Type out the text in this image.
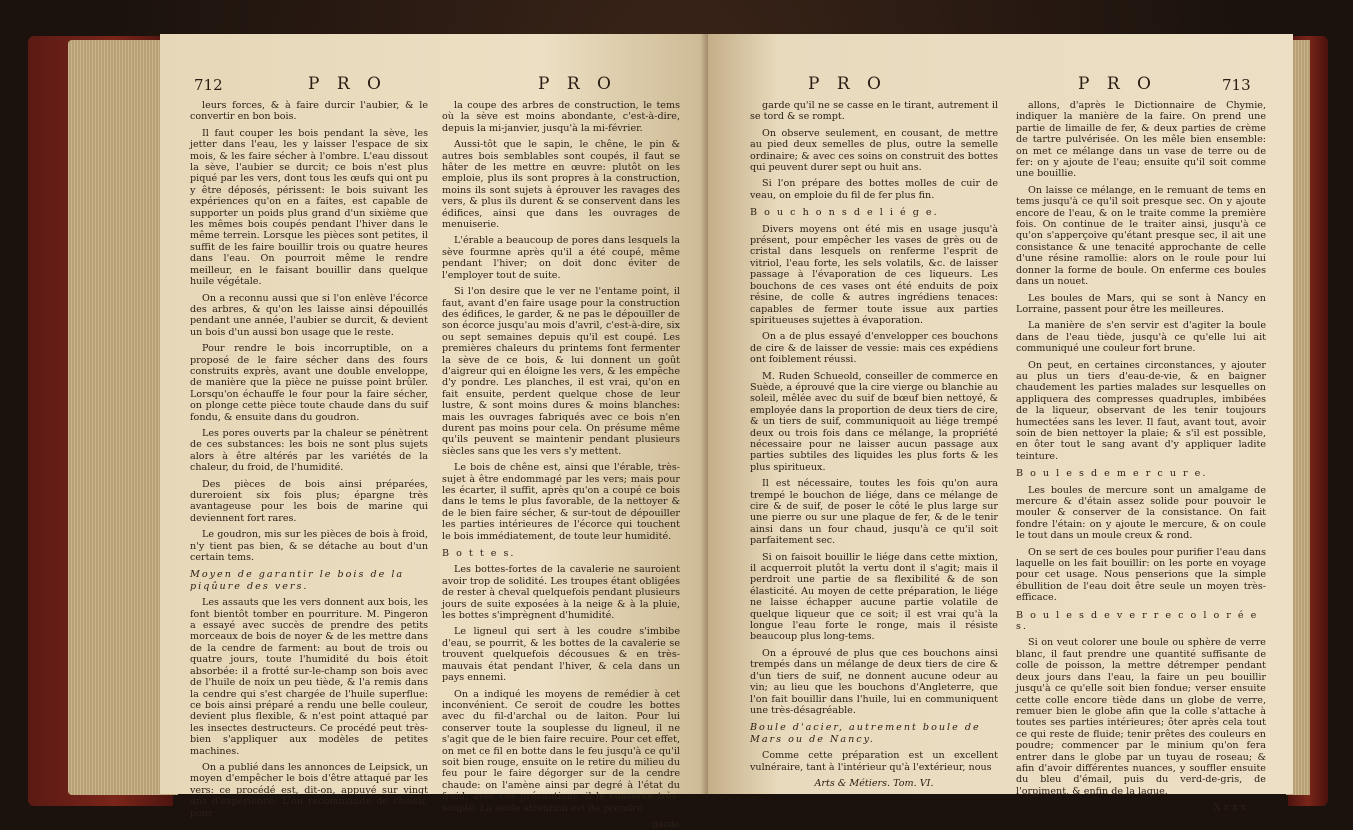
712	P R O	P R O

leurs forces, & à faire durcir l'aubier, & le convertir en bon bois.

Il faut couper les bois pendant la sève, les jetter dans l'eau, les y laisser l'espace de six mois, & les faire sécher à l'ombre. L'eau dissout la sève, l'aubier se durcit; ce bois n'est plus piqué par les vers, dont tous les œufs qui ont pu y être déposés, périssent: le bois suivant les expériences qu'on en a faites, est capable de supporter un poids plus grand d'un sixième que les mêmes bois coupés pendant l'hiver dans le même terrein. Lorsque les pièces sont petites, il suffit de les faire bouillir trois ou quatre heures dans l'eau. On pourroit même le rendre meilleur, en le faisant bouillir dans quelque huile végétale.

On a reconnu aussi que si l'on enlève l'écorce des arbres, & qu'on les laisse ainsi dépouillés pendant une année, l'aubier se durcit, & devient un bois d'un aussi bon usage que le reste.

Pour rendre le bois incorruptible, on a proposé de le faire sécher dans des fours construits exprès, avant une double enveloppe, de manière que la pièce ne puisse point brûler. Lorsqu'on échauffe le four pour la faire sécher, on plonge cette pièce toute chaude dans du suif fondu, & ensuite dans du goudron.

Les pores ouverts par la chaleur se pénètrent de ces substances: les bois ne sont plus sujets alors à être altérés par les variétés de la chaleur, du froid, de l'humidité.

Des pièces de bois ainsi préparées, dureroient six fois plus; épargne très avantageuse pour les bois de marine qui deviennent fort rares.

Le goudron, mis sur les pièces de bois à froid, n'y tient pas bien, & se détache au bout d'un certain tems.

Moyen de garantir le bois de la piqûure des vers.

Les assauts que les vers donnent aux bois, les font bientôt tomber en pourriture. M. Pingeron a essayé avec succès de prendre des petits morceaux de bois de noyer & de les mettre dans de la cendre de farment: au bout de trois ou quatre jours, toute l'humidité du bois étoit absorbée: il a frotté sur-le-champ son bois avec de l'huile de noix un peu tiède, & l'a remis dans la cendre qui s'est chargée de l'huile superflue: ce bois ainsi préparé a rendu une belle couleur, devient plus flexible, & n'est point attaqué par les insectes destructeurs. Ce procédé peut très-bien s'appliquer aux modèles de petites machines.

On a publié dans les annonces de Leipsick, un moyen d'empêcher le bois d'être attaqué par les vers: ce procédé est, dit-on, appuyé sur vingt ans d'expérience. L'on recommande de choisir, pour

la coupe des arbres de construction, le tems où la sève est moins abondante, c'est-à-dire, depuis la mi-janvier, jusqu'à la mi-février.

Aussi-tôt que le sapin, le chêne, le pin & autres bois semblables sont coupés, il faut se hâter de les mettre en œuvre: plutôt on les emploie, plus ils sont propres à la construction, moins ils sont sujets à éprouver les ravages des vers, & plus ils durent & se conservent dans les édifices, ainsi que dans les ouvrages de menuiserie.

L'érable a beaucoup de pores dans lesquels la sève fourmne après qu'il a été coupé, même pendant l'hiver; on doit donc éviter de l'employer tout de suite.

Si l'on desire que le ver ne l'entame point, il faut, avant d'en faire usage pour la construction des édifices, le garder, & ne pas le dépouiller de son écorce jusqu'au mois d'avril, c'est-à-dire, six ou sept semaines depuis qu'il est coupé. Les premières chaleurs du printems font fermenter la sève de ce bois, & lui donnent un goût d'aigreur qui en éloigne les vers, & les empêche d'y pondre. Les planches, il est vrai, qu'on en fait ensuite, perdent quelque chose de leur lustre, & sont moins dures & moins blanches: mais les ouvrages fabriqués avec ce bois n'en durent pas moins pour cela. On présume même qu'ils peuvent se maintenir pendant plusieurs siècles sans que les vers s'y mettent.

Le bois de chêne est, ainsi que l'érable, très-sujet à être endommagé par les vers; mais pour les écarter, il suffit, après qu'on a coupé ce bois dans le tems le plus favorable, de la nettoyer & de le bien faire sécher, & sur-tout de dépouiller les parties intérieures de l'écorce qui touchent le bois immédiatement, de toute leur humidité.

B o t t e s.

Les bottes-fortes de la cavalerie ne sauroient avoir trop de solidité. Les troupes étant obligées de rester à cheval quelquefois pendant plusieurs jours de suite exposées à la neige & à la pluie, les bottes s'imprègnent d'humidité.

Le ligneul qui sert à les coudre s'imbibe d'eau, se pourrit, & les bottes de la cavalerie se trouvent quelquefois décousues & en très-mauvais état pendant l'hiver, & cela dans un pays ennemi.

On a indiqué les moyens de remédier à cet inconvénient. Ce seroit de coudre les bottes avec du fil-d'archal ou de laiton. Pour lui conserver toute la souplesse du ligneul, il ne s'agit que de le bien faire recuire. Pour cet effet, on met ce fil en botte dans le feu jusqu'à ce qu'il soit bien rouge, ensuite on le retire du milieu du feu pour le faire dégorger sur de la cendre chaude: on l'amène ainsi par degré à l'état du froid; avec ces précautions, il le conserve très-souple. La seule attention est de prendre

garde
P R O	P R O	713

garde qu'il ne se casse en le tirant, autrement il se tord & se rompt.

On observe seulement, en cousant, de mettre au pied deux semelles de plus, outre la semelle ordinaire; & avec ces soins on construit des bottes qui peuvent durer sept ou huit ans.

Si l'on prépare des bottes molles de cuir de veau, on emploie du fil de fer plus fin.

B o u c h o n s d e l i é g e.

Divers moyens ont été mis en usage jusqu'à présent, pour empêcher les vases de grès ou de cristal dans lesquels on renferme l'esprit de vitriol, l'eau forte, les sels volatils, &c. de laisser passage à l'évaporation de ces liqueurs. Les bouchons de ces vases ont été enduits de poix résine, de colle & autres ingrédiens tenaces: capables de fermer toute issue aux parties spiritueuses sujettes à évaporation.

On a de plus essayé d'envelopper ces bouchons de cire & de laisser de vessie: mais ces expédiens ont foiblement réussi.

M. Ruden Schueold, conseiller de commerce en Suède, a éprouvé que la cire vierge ou blanchie au soleil, mêlée avec du suif de bœuf bien nettoyé, & employée dans la proportion de deux tiers de cire, & un tiers de suif, communiquoit au liége trempé deux ou trois fois dans ce mélange, la propriété nécessaire pour ne laisser aucun passage aux parties subtiles des liquides les plus forts & les plus spiritueux.

Il est nécessaire, toutes les fois qu'on aura trempé le bouchon de liége, dans ce mélange de cire & de suif, de poser le côté le plus large sur une pierre ou sur une plaque de fer, & de le tenir ainsi dans un four chaud, jusqu'à ce qu'il soit parfaitement sec.

Si on faisoit bouillir le liége dans cette mixtion, il acquerroit plutôt la vertu dont il s'agit; mais il perdroit une partie de sa flexibilité & de son élasticité. Au moyen de cette préparation, le liége ne laisse échapper aucune partie volatile de quelque liqueur que ce soit; il est vrai qu'à la longue l'eau forte le ronge, mais il résiste beaucoup plus long-tems.

On a éprouvé de plus que ces bouchons ainsi trempés dans un mélange de deux tiers de cire & d'un tiers de suif, ne donnent aucune odeur au vin; au lieu que les bouchons d'Angleterre, que l'on fait bouillir dans l'huile, lui en communiquent une très-désagréable.

Boule d'acier, autrement boule de Mars ou de Nancy.

Comme cette préparation est un excellent vulnéraire, tant à l'intérieur qu'à l'extérieur, nous

Arts & Métiers. Tom. VI.

allons, d'après le Dictionnaire de Chymie, indiquer la manière de la faire. On prend une partie de limaille de fer, & deux parties de crème de tartre pulvérisée. On les mêle bien ensemble: on met ce mélange dans un vase de terre ou de fer: on y ajoute de l'eau; ensuite qu'il soit comme une bouillie.

On laisse ce mélange, en le remuant de tems en tems jusqu'à ce qu'il soit presque sec. On y ajoute encore de l'eau, & on le traite comme la première fois. On continue de le traiter ainsi, jusqu'à ce qu'on s'apperçoive qu'étant presque sec, il ait une consistance & une tenacité approchante de celle d'une résine ramollie: alors on le roule pour lui donner la forme de boule. On enferme ces boules dans un nouet.

Les boules de Mars, qui se sont à Nancy en Lorraine, passent pour être les meilleures.

La manière de s'en servir est d'agiter la boule dans de l'eau tiède, jusqu'à ce qu'elle lui ait communiqué une couleur fort brune.

On peut, en certaines circonstances, y ajouter au plus un tiers d'eau-de-vie, & en baigner chaudement les parties malades sur lesquelles on appliquera des compresses quadruples, imbibées de la liqueur, observant de les tenir toujours humectées sans les lever. Il faut, avant tout, avoir soin de bien nettoyer la plaie; & s'il est possible, en ôter tout le sang avant d'y appliquer ladite teinture.

B o u l e s d e m e r c u r e.

Les boules de mercure sont un amalgame de mercure & d'étain assez solide pour pouvoir le mouler & conserver de la consistance. On fait fondre l'étain: on y ajoute le mercure, & on coule le tout dans un moule creux & rond.

On se sert de ces boules pour purifier l'eau dans laquelle on les fait bouillir: on les porte en voyage pour cet usage. Nous penserions que la simple ébullition de l'eau doit être seule un moyen très-efficace.

B o u l e s d e v e r r e c o l o r é e s.

Si on veut colorer une boule ou sphère de verre blanc, il faut prendre une quantité suffisante de colle de poisson, la mettre détremper pendant deux jours dans l'eau, la faire un peu bouillir jusqu'à ce qu'elle soit bien fondue; verser ensuite cette colle encore tiède dans un globe de verre, remuer bien le globe afin que la colle s'attache à toutes ses parties intérieures; ôter après cela tout ce qui reste de fluide; tenir prêtes des couleurs en poudre; commencer par le minium qu'on fera entrer dans le globe par un tuyau de roseau; & afin d'avoir différentes nuances, y souffler ensuite du bleu d'émail, puis du verd-de-gris, de l'orpiment, & enfin de la laque.

X x x x
